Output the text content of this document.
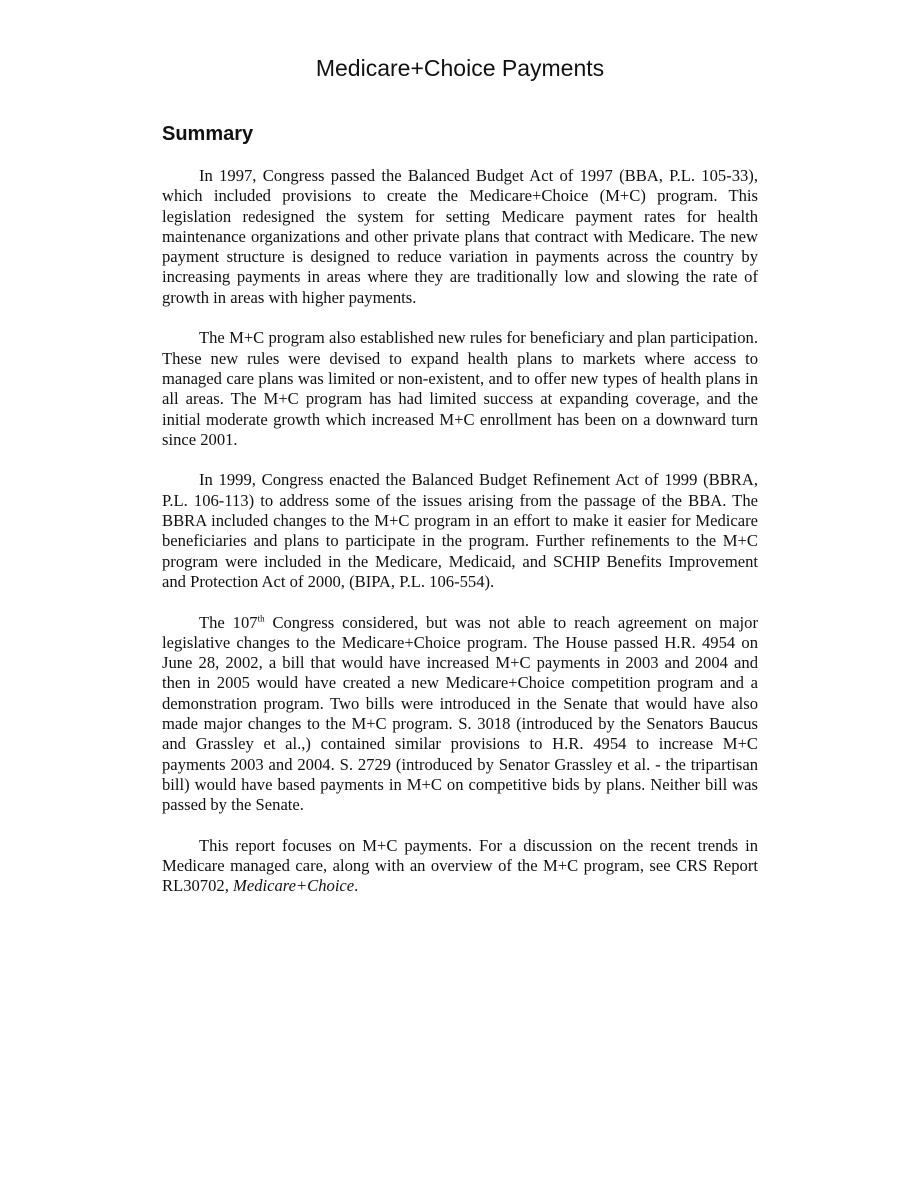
Medicare+Choice Payments
Summary

In 1997, Congress passed the Balanced Budget Act of 1997 (BBA, P.L. 105-33), which included provisions to create the Medicare+Choice (M+C) program. This legislation redesigned the system for setting Medicare payment rates for health maintenance organizations and other private plans that contract with Medicare. The new payment structure is designed to reduce variation in payments across the country by increasing payments in areas where they are traditionally low and slowing the rate of growth in areas with higher payments.

The M+C program also established new rules for beneficiary and plan participation. These new rules were devised to expand health plans to markets where access to managed care plans was limited or non-existent, and to offer new types of health plans in all areas. The M+C program has had limited success at expanding coverage, and the initial moderate growth which increased M+C enrollment has been on a downward turn since 2001.

In 1999, Congress enacted the Balanced Budget Refinement Act of 1999 (BBRA, P.L. 106-113) to address some of the issues arising from the passage of the BBA. The BBRA included changes to the M+C program in an effort to make it easier for Medicare beneficiaries and plans to participate in the program. Further refinements to the M+C program were included in the Medicare, Medicaid, and SCHIP Benefits Improvement and Protection Act of 2000, (BIPA, P.L. 106-554).

The 107th Congress considered, but was not able to reach agreement on major legislative changes to the Medicare+Choice program. The House passed H.R. 4954 on June 28, 2002, a bill that would have increased M+C payments in 2003 and 2004 and then in 2005 would have created a new Medicare+Choice competition program and a demonstration program. Two bills were introduced in the Senate that would have also made major changes to the M+C program. S. 3018 (introduced by the Senators Baucus and Grassley et al.,) contained similar provisions to H.R. 4954 to increase M+C payments 2003 and 2004. S. 2729 (introduced by Senator Grassley et al. - the tripartisan bill) would have based payments in M+C on competitive bids by plans. Neither bill was passed by the Senate.

This report focuses on M+C payments. For a discussion on the recent trends in Medicare managed care, along with an overview of the M+C program, see CRS Report RL30702, Medicare+Choice.
